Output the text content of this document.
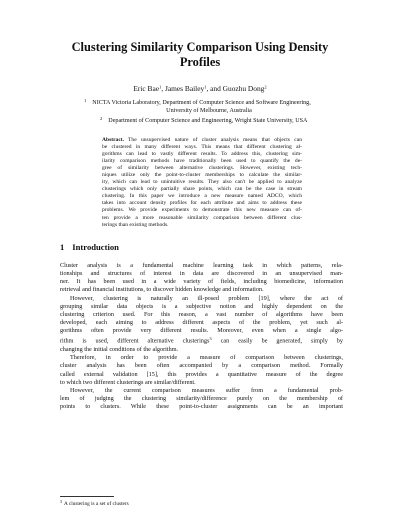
Clustering Similarity Comparison Using Density
Profiles
Eric Bae$^1$, James Bailey$^1$, and Guozhu Dong$^2$
$^1$ NICTA Victoria Laboratory, Department of Computer Science and Software Engineering,
University of Melbourne, Australia
$^2$ Department of Computer Science and Engineering, Wright State University, USA
Abstract. The unsupervised nature of cluster analysis means that objects can
be clustered in many different ways. This means that different clustering al-
gorithms can lead to vastly different results. To address this, clustering sim-
ilarity comparison methods have traditionally been used to quantify the de-
gree of similarity between alternative clusterings. However, existing tech-
niques utilize only the point-to-cluster memberships to calculate the similar-
ity, which can lead to unintuitive results. They also can't be applied to analyze
clusterings which only partially share points, which can be the case in stream
clustering. In this paper we introduce a new measure named ADCO, which
takes into account density profiles for each attribute and aims to address these
problems. We provide experiments to demonstrate this new measure can of-
ten provide a more reasonable similarity comparison between different clus-
terings than existing methods.
1 Introduction

Cluster analysis is a fundamental machine learning task in which patterns, rela-
tionships and structures of interest in data are discovered in an unsupervised man-
ner. It has been used in a wide variety of fields, including biomedicine, information
retrieval and financial institutions, to discover hidden knowledge and information.

However, clustering is naturally an ill-posed problem [19], where the act of
grouping similar data objects is a subjective notion and highly dependent on the
clustering criterion used. For this reason, a vast number of algorithms have been
developed, each aiming to address different aspects of the problem, yet such al-
gorithms often provide very different results. Moreover, even when a single algo-
rithm is used, different alternative clusterings$^3$ can easily be generated, simply by
changing the initial conditions of the algorithm.

Therefore, in order to provide a measure of comparison between clusterings,
cluster analysis has been often accompanied by a comparison method. Formally
called external validation [15], this provides a quantitative measure of the degree
to which two different clusterings are similar/different.

However, the current comparison measures suffer from a fundamental prob-
lem of judging the clustering similarity/difference purely on the membership of
points to clusters. While these point-to-cluster assignments can be an important

$^3$ A clustering is a set of clusters
